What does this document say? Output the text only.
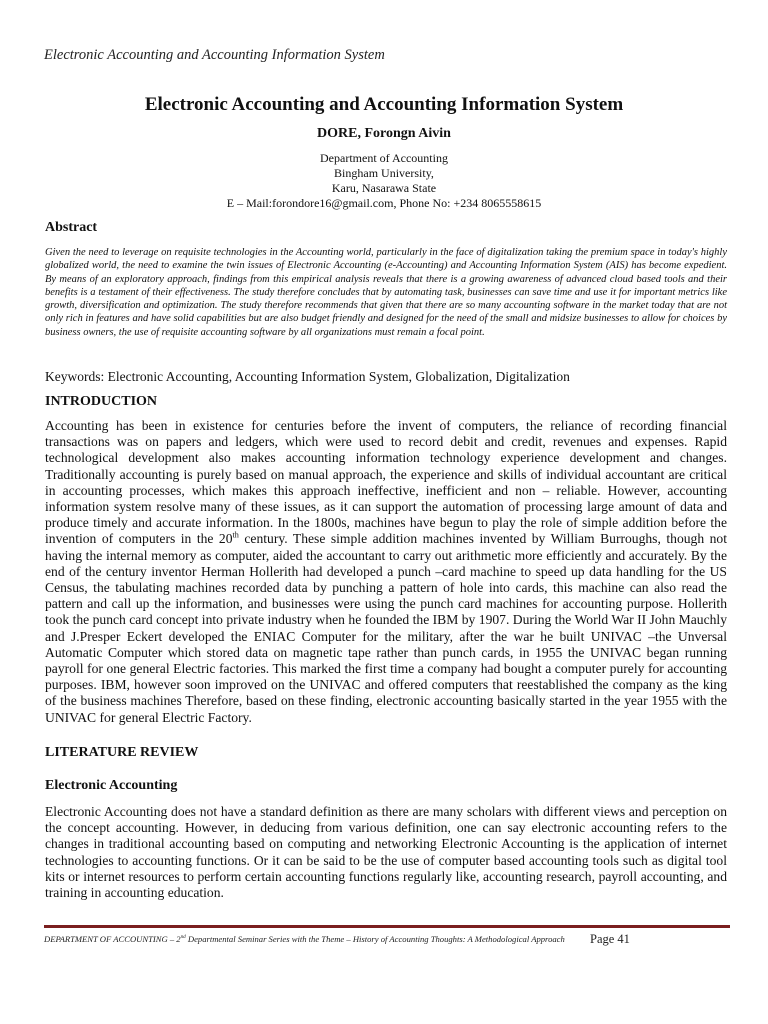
Electronic Accounting and Accounting Information System
Electronic Accounting and Accounting Information System
DORE, Forongn Aivin
Department of Accounting
Bingham University,
Karu, Nasarawa State
E – Mail:forondore16@gmail.com, Phone No: +234 8065558615
Abstract
Given the need to leverage on requisite technologies in the Accounting world, particularly in the face of digitalization taking the premium space in today's highly globalized world, the need to examine the twin issues of Electronic Accounting (e-Accounting) and Accounting Information System (AIS) has become expedient. By means of an exploratory approach, findings from this empirical analysis reveals that there is a growing awareness of advanced cloud based tools and their benefits is a testament of their effectiveness. The study therefore concludes that by automating task, businesses can save time and use it for important metrics like growth, diversification and optimization. The study therefore recommends that given that there are so many accounting software in the market today that are not only rich in features and have solid capabilities but are also budget friendly and designed for the need of the small and midsize businesses to allow for choices by business owners, the use of requisite accounting software by all organizations must remain a focal point.
Keywords: Electronic Accounting, Accounting Information System, Globalization, Digitalization
INTRODUCTION
Accounting has been in existence for centuries before the invent of computers, the reliance of recording financial transactions was on papers and ledgers, which were used to record debit and credit, revenues and expenses. Rapid technological development also makes accounting information technology experience development and changes. Traditionally accounting is purely based on manual approach, the experience and skills of individual accountant are critical in accounting processes, which makes this approach ineffective, inefficient and non – reliable. However, accounting information system resolve many of these issues, as it can support the automation of processing large amount of data and produce timely and accurate information. In the 1800s, machines have begun to play the role of simple addition before the invention of computers in the 20th century. These simple addition machines invented by William Burroughs, though not having the internal memory as computer, aided the accountant to carry out arithmetic more efficiently and accurately. By the end of the century inventor Herman Hollerith had developed a punch –card machine to speed up data handling for the US Census, the tabulating machines recorded data by punching a pattern of hole into cards, this machine can also read the pattern and call up the information, and businesses were using the punch card machines for accounting purpose. Hollerith took the punch card concept into private industry when he founded the IBM by 1907. During the World War II John Mauchly and J.Presper Eckert developed the ENIAC Computer for the military, after the war he built UNIVAC –the Unversal Automatic Computer which stored data on magnetic tape rather than punch cards, in 1955 the UNIVAC began running payroll for one general Electric factories. This marked the first time a company had bought a computer purely for accounting purposes. IBM, however soon improved on the UNIVAC and offered computers that reestablished the company as the king of the business machines Therefore, based on these finding, electronic accounting basically started in the year 1955 with the UNIVAC for general Electric Factory.
LITERATURE REVIEW
Electronic Accounting
Electronic Accounting does not have a standard definition as there are many scholars with different views and perception on the concept accounting. However, in deducing from various definition, one can say electronic accounting refers to the changes in traditional accounting based on computing and networking Electronic Accounting is the application of internet technologies to accounting functions. Or it can be said to be the use of computer based accounting tools such as digital tool kits or internet resources to perform certain accounting functions regularly like, accounting research, payroll accounting, and training in accounting education.
DEPARTMENT OF ACCOUNTING – 2nd Departmental Seminar Series with the Theme – History of Accounting Thoughts: A Methodological Approach Page 41
